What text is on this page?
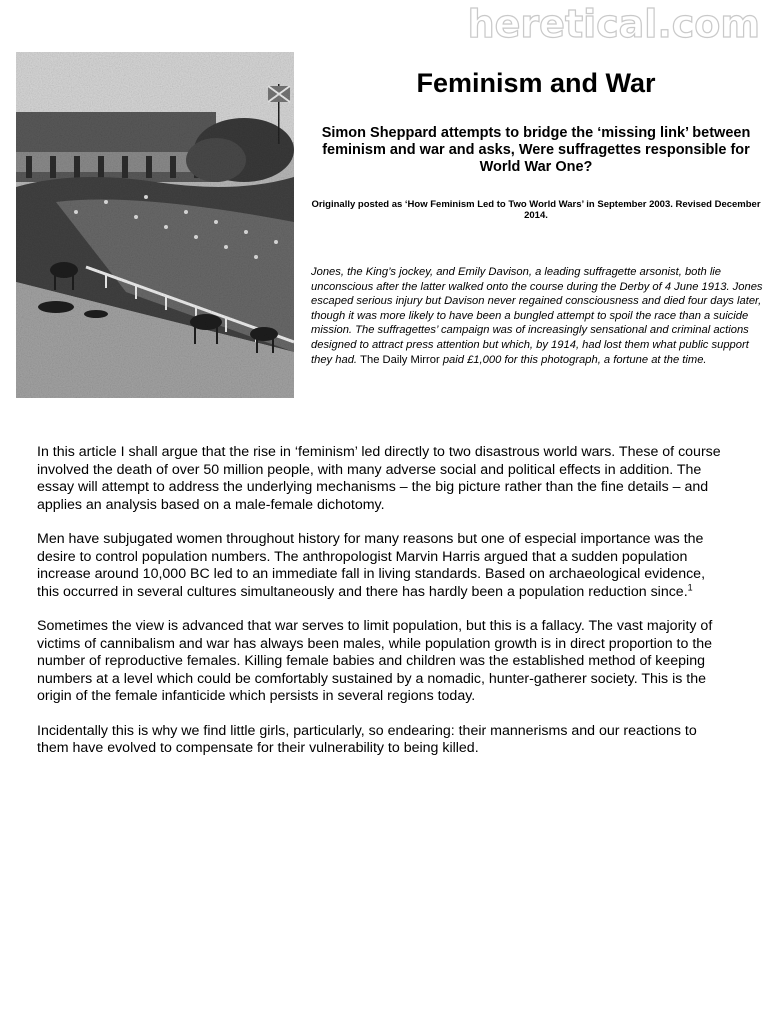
heretical.com
Feminism and War

Simon Sheppard attempts to bridge the ‘missing link’ between feminism and war and asks, Were suffragettes responsible for World War One?

Originally posted as ‘How Feminism Led to Two World Wars’ in September 2003. Revised December 2014.

Jones, the King’s jockey, and Emily Davison, a leading suffragette arsonist, both lie unconscious after the latter walked onto the course during the Derby of 4 June 1913. Jones escaped serious injury but Davison never regained consciousness and died four days later, though it was more likely to have been a bungled attempt to spoil the race than a suicide mission. The suffragettes’ campaign was of increasingly sensational and criminal actions designed to attract press attention but which, by 1914, had lost them what public support they had. The Daily Mirror paid £1,000 for this photograph, a fortune at the time.

In this article I shall argue that the rise in ‘feminism’ led directly to two disastrous world wars. These of course involved the death of over 50 million people, with many adverse social and political effects in addition. The essay will attempt to address the underlying mechanisms – the big picture rather than the fine details – and applies an analysis based on a male-female dichotomy.

Men have subjugated women throughout history for many reasons but one of especial importance was the desire to control population numbers. The anthropologist Marvin Harris argued that a sudden population increase around 10,000 BC led to an immediate fall in living standards. Based on archaeological evidence, this occurred in several cultures simultaneously and there has hardly been a population reduction since.$^1$

Sometimes the view is advanced that war serves to limit population, but this is a fallacy. The vast majority of victims of cannibalism and war has always been males, while population growth is in direct proportion to the number of reproductive females. Killing female babies and children was the established method of keeping numbers at a level which could be comfortably sustained by a nomadic, hunter-gatherer society. This is the origin of the female infanticide which persists in several regions today.

Incidentally this is why we find little girls, particularly, so endearing: their mannerisms and our reactions to them have evolved to compensate for their vulnerability to being killed.
